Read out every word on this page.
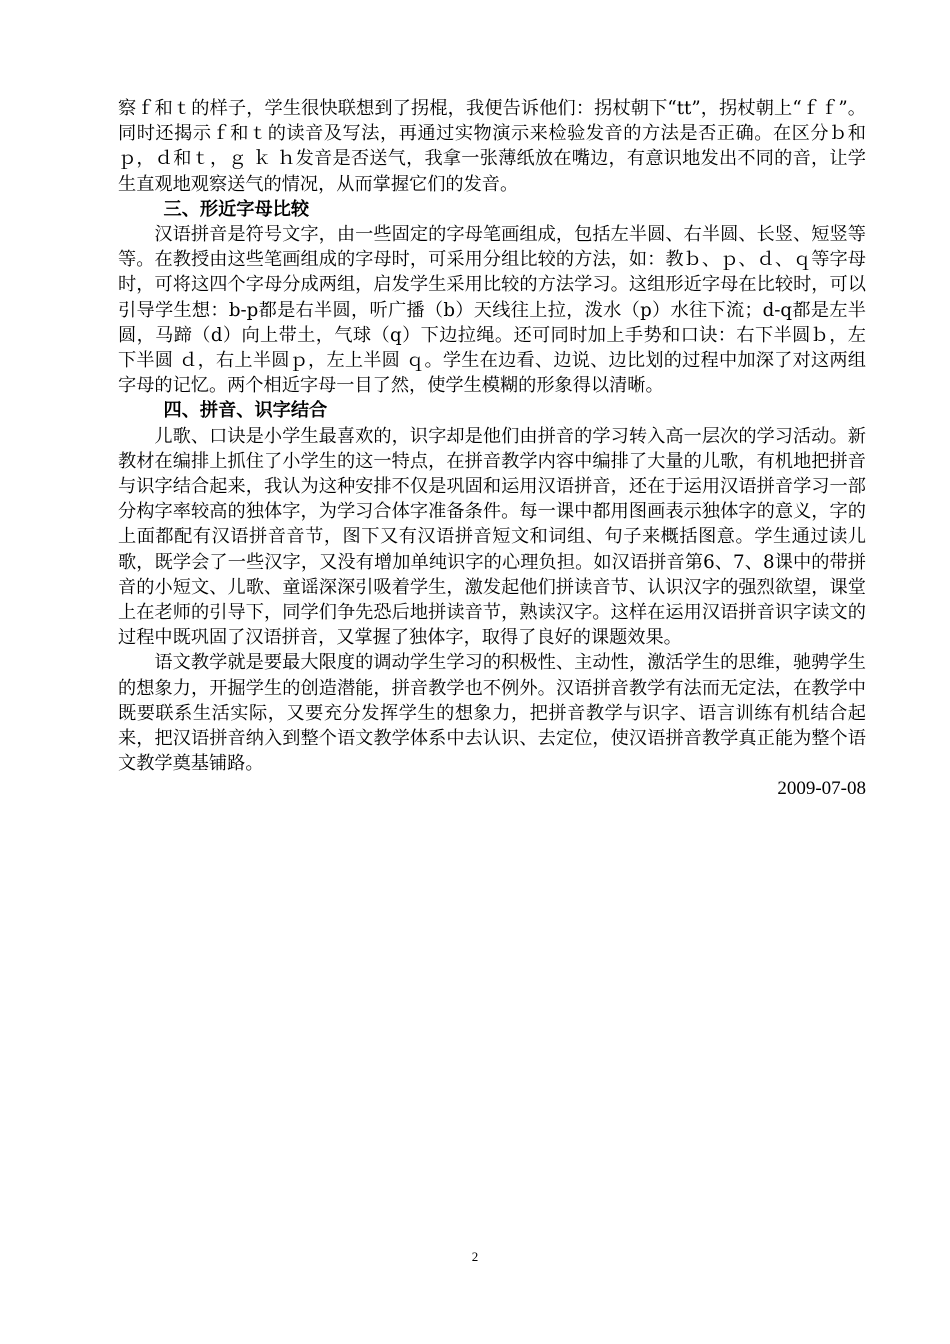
察ｆ和ｔ的样子，学生很快联想到了拐棍，我便告诉他们：拐杖朝下“tt”，拐杖朝上“ｆｆ”。同时还揭示ｆ和ｔ的读音及写法，再通过实物演示来检验发音的方法是否正确。在区分ｂ和ｐ，ｄ和ｔ，ｇ ｋ ｈ发音是否送气，我拿一张薄纸放在嘴边，有意识地发出不同的音，让学生直观地观察送气的情况，从而掌握它们的发音。

三、形近字母比较

汉语拼音是符号文字，由一些固定的字母笔画组成，包括左半圆、右半圆、长竖、短竖等等。在教授由这些笔画组成的字母时，可采用分组比较的方法，如：教ｂ、ｐ、ｄ、ｑ等字母时，可将这四个字母分成两组，启发学生采用比较的方法学习。这组形近字母在比较时，可以引导学生想：b-p都是右半圆，听广播（b）天线往上拉，泼水（p）水往下流；d-q都是左半圆，马蹄（d）向上带土，气球（q）下边拉绳。还可同时加上手势和口诀：右下半圆ｂ，左下半圆 ｄ，右上半圆ｐ，左上半圆 ｑ。学生在边看、边说、边比划的过程中加深了对这两组字母的记忆。两个相近字母一目了然，使学生模糊的形象得以清晰。

四、拼音、识字结合

儿歌、口诀是小学生最喜欢的，识字却是他们由拼音的学习转入高一层次的学习活动。新教材在编排上抓住了小学生的这一特点，在拼音教学内容中编排了大量的儿歌，有机地把拼音与识字结合起来，我认为这种安排不仅是巩固和运用汉语拼音，还在于运用汉语拼音学习一部分构字率较高的独体字，为学习合体字准备条件。每一课中都用图画表示独体字的意义，字的上面都配有汉语拼音音节，图下又有汉语拼音短文和词组、句子来概括图意。学生通过读儿歌，既学会了一些汉字，又没有增加单纯识字的心理负担。如汉语拼音第6、7、8课中的带拼音的小短文、儿歌、童谣深深引吸着学生，激发起他们拼读音节、认识汉字的强烈欲望，课堂上在老师的引导下，同学们争先恐后地拼读音节，熟读汉字。这样在运用汉语拼音识字读文的过程中既巩固了汉语拼音，又掌握了独体字，取得了良好的课题效果。

语文教学就是要最大限度的调动学生学习的积极性、主动性，激活学生的思维，驰骋学生的想象力，开掘学生的创造潜能，拼音教学也不例外。汉语拼音教学有法而无定法，在教学中既要联系生活实际，又要充分发挥学生的想象力，把拼音教学与识字、语言训练有机结合起来，把汉语拼音纳入到整个语文教学体系中去认识、去定位，使汉语拼音教学真正能为整个语文教学奠基铺路。

2009-07-08

2
